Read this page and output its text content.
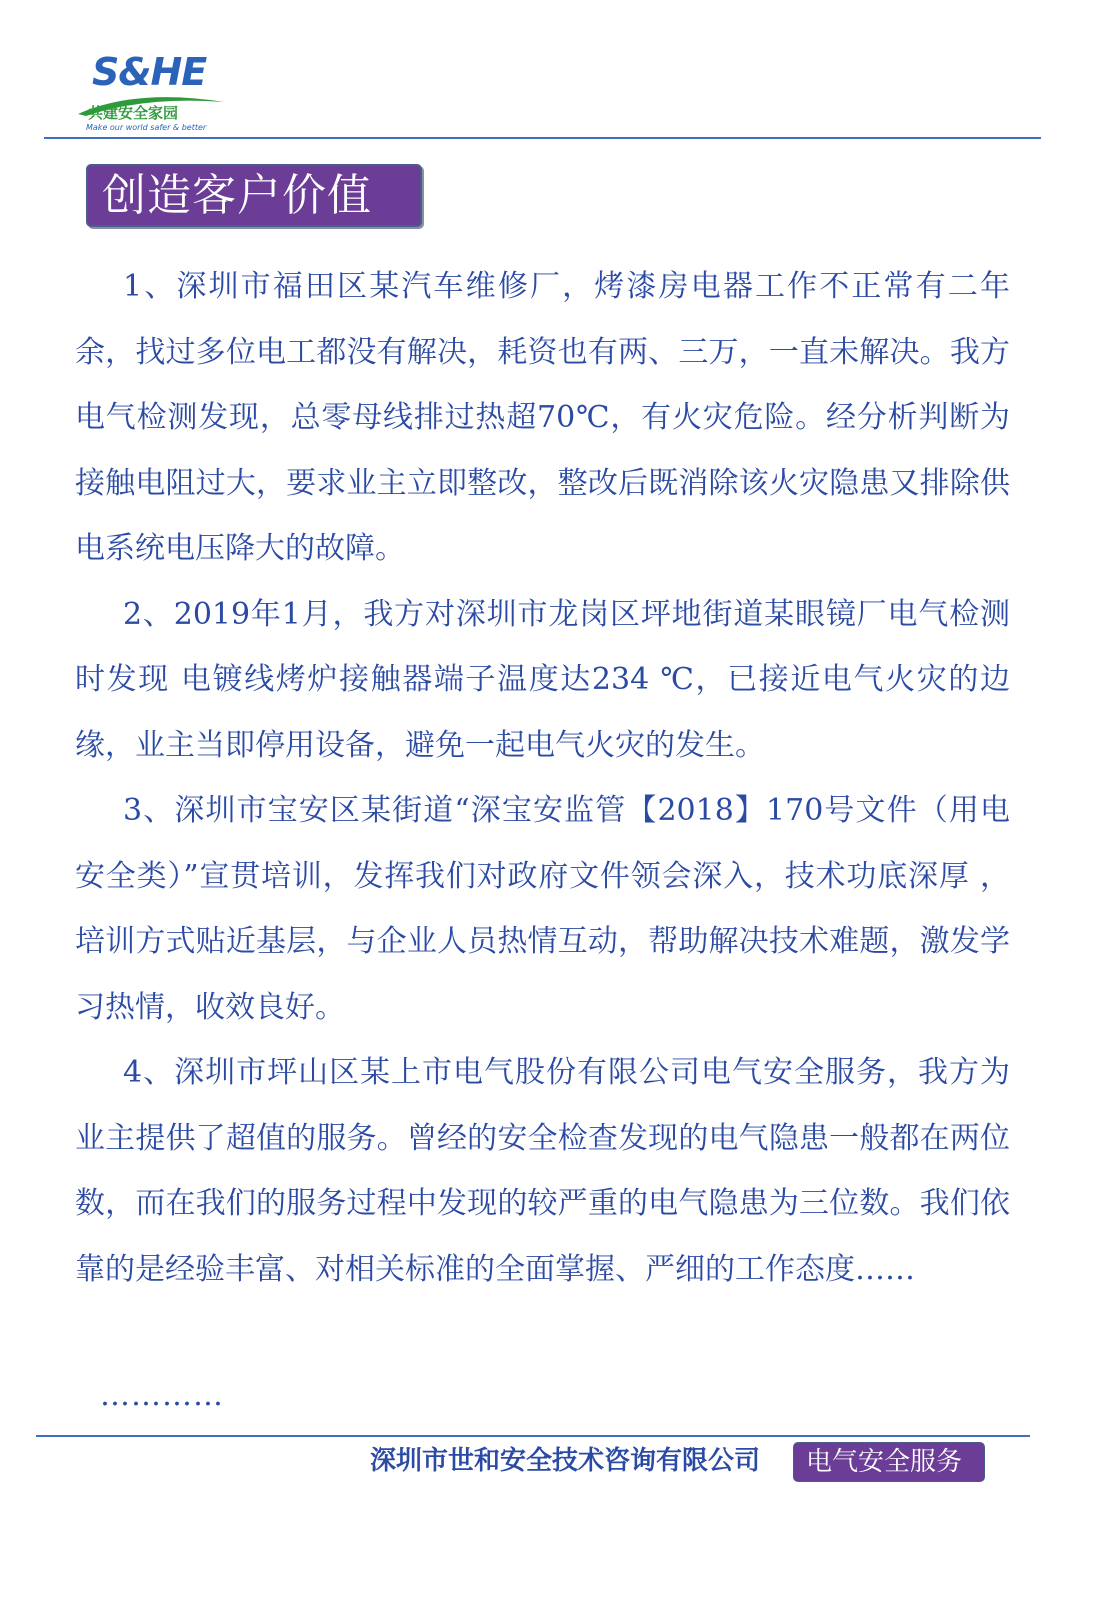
S&HE
共建安全家园
Make our world safer & better
创造客户价值

1、深圳市福田区某汽车维修厂，烤漆房电器工作不正常有二年余，找过多位电工都没有解决，耗资也有两、三万，一直未解决。我方电气检测发现，总零母线排过热超70℃，有火灾危险。经分析判断为接触电阻过大，要求业主立即整改，整改后既消除该火灾隐患又排除供电系统电压降大的故障。

2、2019年1月，我方对深圳市龙岗区坪地街道某眼镜厂电气检测时发现 电镀线烤炉接触器端子温度达234 ℃，已接近电气火灾的边缘，业主当即停用设备，避免一起电气火灾的发生。

3、深圳市宝安区某街道“深宝安监管【2018】170号文件（用电安全类）”宣贯培训，发挥我们对政府文件领会深入，技术功底深厚 ，培训方式贴近基层，与企业人员热情互动，帮助解决技术难题，激发学习热情，收效良好。

4、深圳市坪山区某上市电气股份有限公司电气安全服务，我方为业主提供了超值的服务。曾经的安全检查发现的电气隐患一般都在两位数，而在我们的服务过程中发现的较严重的电气隐患为三位数。我们依靠的是经验丰富、对相关标准的全面掌握、严细的工作态度……

…………
深圳市世和安全技术咨询有限公司 电气安全服务
